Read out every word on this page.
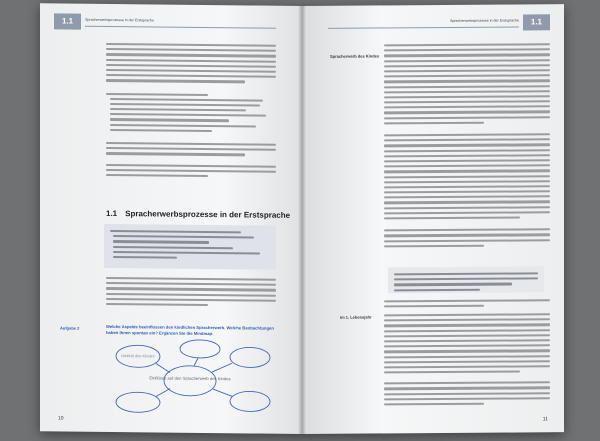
1.1	Spracherwerbsprozesse in der Erstsprache
1.1 Spracherwerbsprozesse in der Erstsprache
Aufgabe 2	Welche Aspekte beeinflussen den kindlichen Spracherwerb. Welche Beobachtungen haben Ihnen spontan ein? Ergänzen Sie die Mindmap.
Einflüsse auf den Spracherwerb des Kindes
Umfeld des Kindes
10
Spracherwerbsprozesse in der Erstsprache	1.1
Spracherwerb des Kindes
im 1. Lebensjahr
11
